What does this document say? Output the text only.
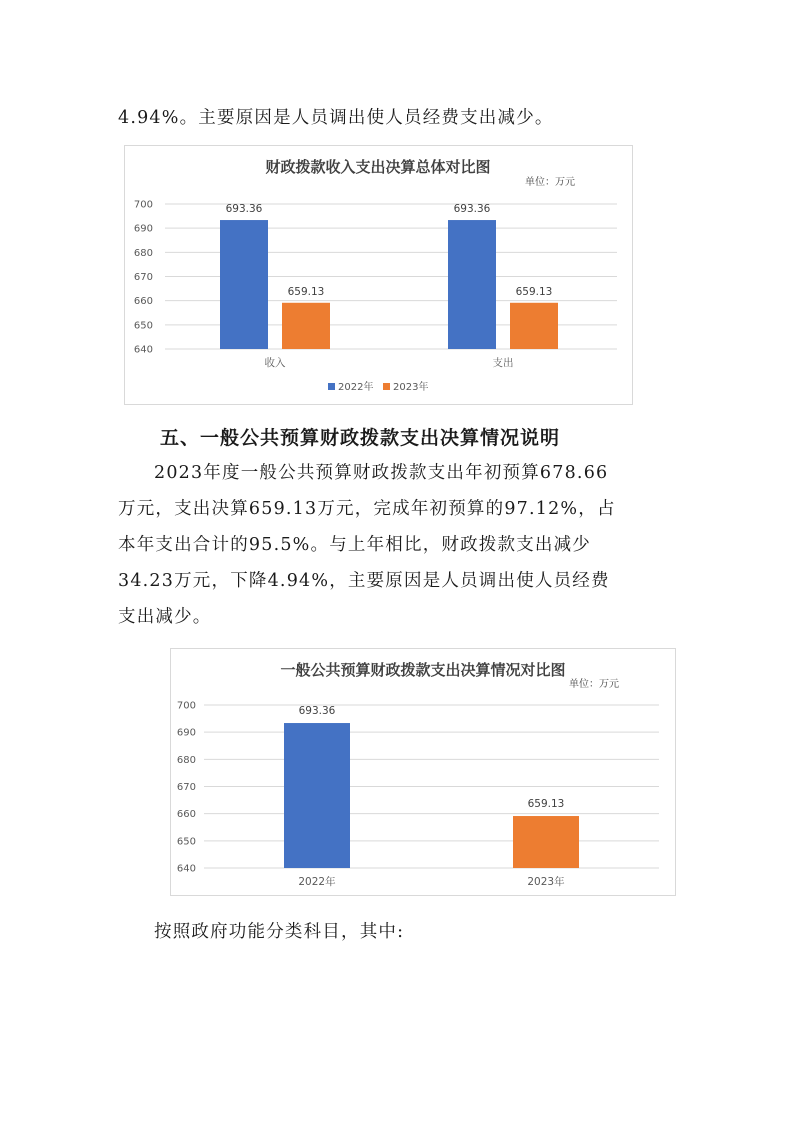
4.94%。主要原因是人员调出使人员经费支出减少。

财政拨款收入支出决算总体对比图
单位：万元
700
690
680
670
660
650
640
693.36	693.36
659.13	659.13
收入	支出
2022年 2023年

五、一般公共预算财政拨款支出决算情况说明

2023年度一般公共预算财政拨款支出年初预算678.66

万元，支出决算659.13万元，完成年初预算的97.12%，占

本年支出合计的95.5%。与上年相比，财政拨款支出减少

34.23万元，下降4.94%，主要原因是人员调出使人员经费

支出减少。

一般公共预算财政拨款支出决算情况对比图
单位：万元
700
690
680
670
660
650
640
693.36
659.13
2022年	2023年

按照政府功能分类科目，其中:
